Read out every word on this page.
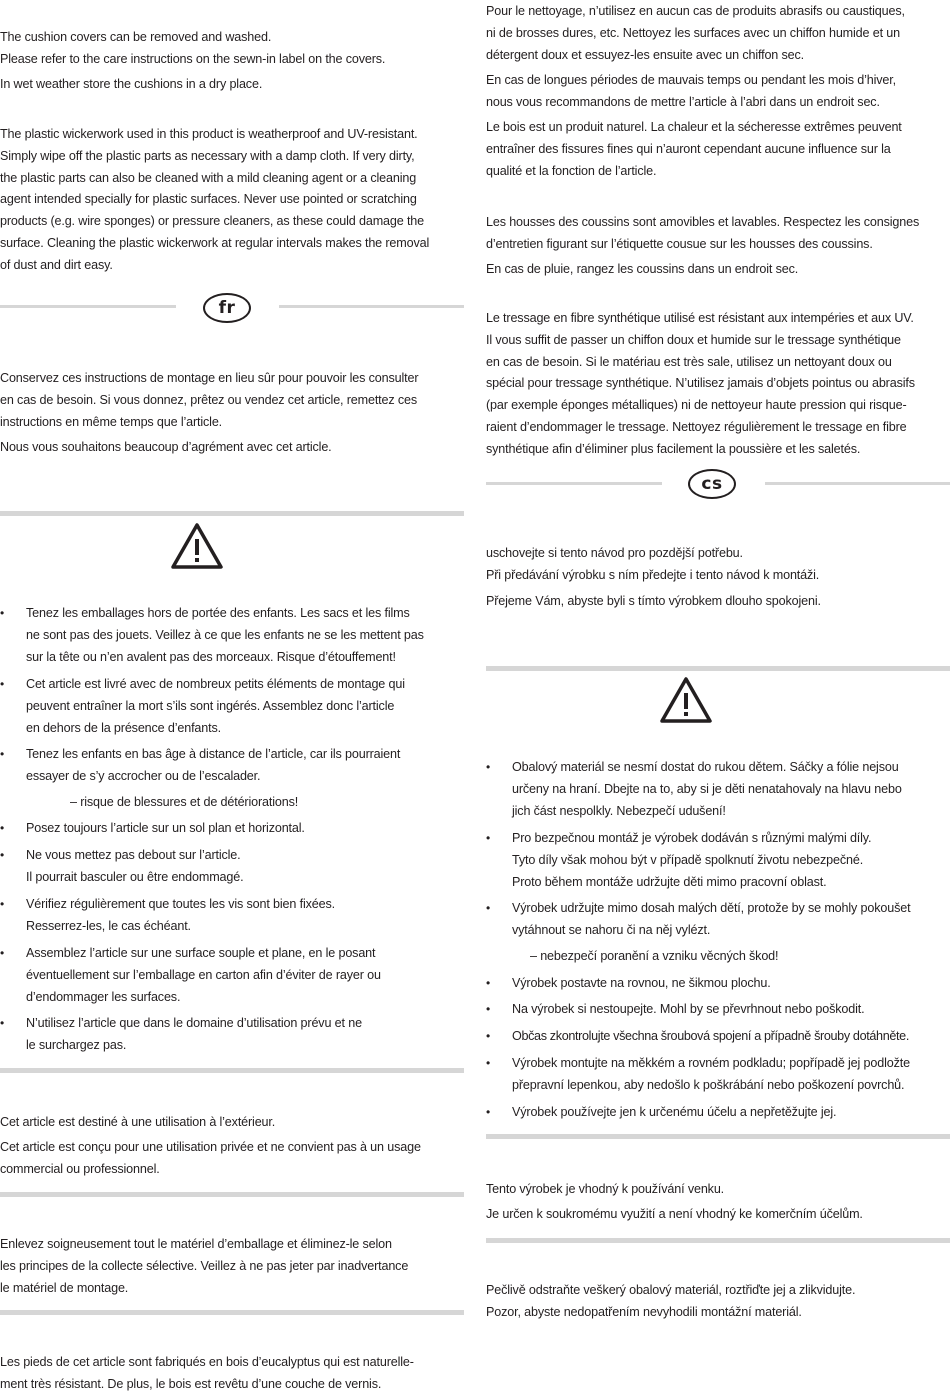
The cushion covers can be removed and washed.
Please refer to the care instructions on the sewn-in label on the covers.

In wet weather store the cushions in a dry place.

The plastic wickerwork used in this product is weatherproof and UV-resistant.
Simply wipe off the plastic parts as necessary with a damp cloth. If very dirty,
the plastic parts can also be cleaned with a mild cleaning agent or a cleaning
agent intended specially for plastic surfaces. Never use pointed or scratching
products (e.g. wire sponges) or pressure cleaners, as these could damage the
surface. Cleaning the plastic wickerwork at regular intervals makes the removal
of dust and dirt easy.

fr

Conservez ces instructions de montage en lieu sûr pour pouvoir les consulter
en cas de besoin. Si vous donnez, prêtez ou vendez cet article, remettez ces
instructions en même temps que l’article.

Nous vous souhaitons beaucoup d’agrément avec cet article.

• Tenez les emballages hors de portée des enfants. Les sacs et les films
ne sont pas des jouets. Veillez à ce que les enfants ne se les mettent pas
sur la tête ou n’en avalent pas des morceaux. Risque d’étouffement!
• Cet article est livré avec de nombreux petits éléments de montage qui
peuvent entraîner la mort s’ils sont ingérés. Assemblez donc l’article
en dehors de la présence d’enfants.
• Tenez les enfants en bas âge à distance de l’article, car ils pourraient
essayer de s’y accrocher ou de l’escalader.

– risque de blessures et de détériorations!

• Posez toujours l’article sur un sol plan et horizontal.
• Ne vous mettez pas debout sur l’article.
Il pourrait basculer ou être endommagé.
• Vérifiez régulièrement que toutes les vis sont bien fixées.
Resserrez-les, le cas échéant.
• Assemblez l’article sur une surface souple et plane, en le posant
éventuellement sur l’emballage en carton afin d’éviter de rayer ou
d’endommager les surfaces.
• N’utilisez l’article que dans le domaine d’utilisation prévu et ne
le surchargez pas.

Cet article est destiné à une utilisation à l’extérieur.

Cet article est conçu pour une utilisation privée et ne convient pas à un usage
commercial ou professionnel.

Enlevez soigneusement tout le matériel d’emballage et éliminez-le selon
les principes de la collecte sélective. Veillez à ne pas jeter par inadvertance
le matériel de montage.

Les pieds de cet article sont fabriqués en bois d’eucalyptus qui est naturelle-
ment très résistant. De plus, le bois est revêtu d’une couche de vernis.

Pour le nettoyage, n’utilisez en aucun cas de produits abrasifs ou caustiques,
ni de brosses dures, etc. Nettoyez les surfaces avec un chiffon humide et un
détergent doux et essuyez-les ensuite avec un chiffon sec.

En cas de longues périodes de mauvais temps ou pendant les mois d’hiver,
nous vous recommandons de mettre l’article à l’abri dans un endroit sec.

Le bois est un produit naturel. La chaleur et la sécheresse extrêmes peuvent
entraîner des fissures fines qui n’auront cependant aucune influence sur la
qualité et la fonction de l’article.

Les housses des coussins sont amovibles et lavables. Respectez les consignes
d’entretien figurant sur l’étiquette cousue sur les housses des coussins.

En cas de pluie, rangez les coussins dans un endroit sec.

Le tressage en fibre synthétique utilisé est résistant aux intempéries et aux UV.
Il vous suffit de passer un chiffon doux et humide sur le tressage synthétique
en cas de besoin. Si le matériau est très sale, utilisez un nettoyant doux ou
spécial pour tressage synthétique. N’utilisez jamais d’objets pointus ou abrasifs
(par exemple éponges métalliques) ni de nettoyeur haute pression qui risque-
raient d’endommager le tressage. Nettoyez régulièrement le tressage en fibre
synthétique afin d’éliminer plus facilement la poussière et les saletés.

cs

uschovejte si tento návod pro pozdější potřebu.
Při předávání výrobku s ním předejte i tento návod k montáži.

Přejeme Vám, abyste byli s tímto výrobkem dlouho spokojeni.

• Obalový materiál se nesmí dostat do rukou dětem. Sáčky a fólie nejsou
určeny na hraní. Dbejte na to, aby si je děti nenatahovaly na hlavu nebo
jich část nespolkly. Nebezpečí udušení!
• Pro bezpečnou montáž je výrobek dodáván s různými malými díly.
Tyto díly však mohou být v případě spolknutí životu nebezpečné.
Proto během montáže udržujte děti mimo pracovní oblast.
• Výrobek udržujte mimo dosah malých dětí, protože by se mohly pokoušet
vytáhnout se nahoru či na něj vylézt.

– nebezpečí poranění a vzniku věcných škod!

• Výrobek postavte na rovnou, ne šikmou plochu.
• Na výrobek si nestoupejte. Mohl by se převrhnout nebo poškodit.
• Občas zkontrolujte všechna šroubová spojení a případně šrouby dotáhněte.
• Výrobek montujte na měkkém a rovném podkladu; popřípadě jej podložte
přepravní lepenkou, aby nedošlo k poškrábání nebo poškození povrchů.
• Výrobek používejte jen k určenému účelu a nepřetěžujte jej.

Tento výrobek je vhodný k používání venku.

Je určen k soukromému využití a není vhodný ke komerčním účelům.

Pečlivě odstraňte veškerý obalový materiál, roztřiďte jej a zlikvidujte.
Pozor, abyste nedopatřením nevyhodili montážní materiál.
